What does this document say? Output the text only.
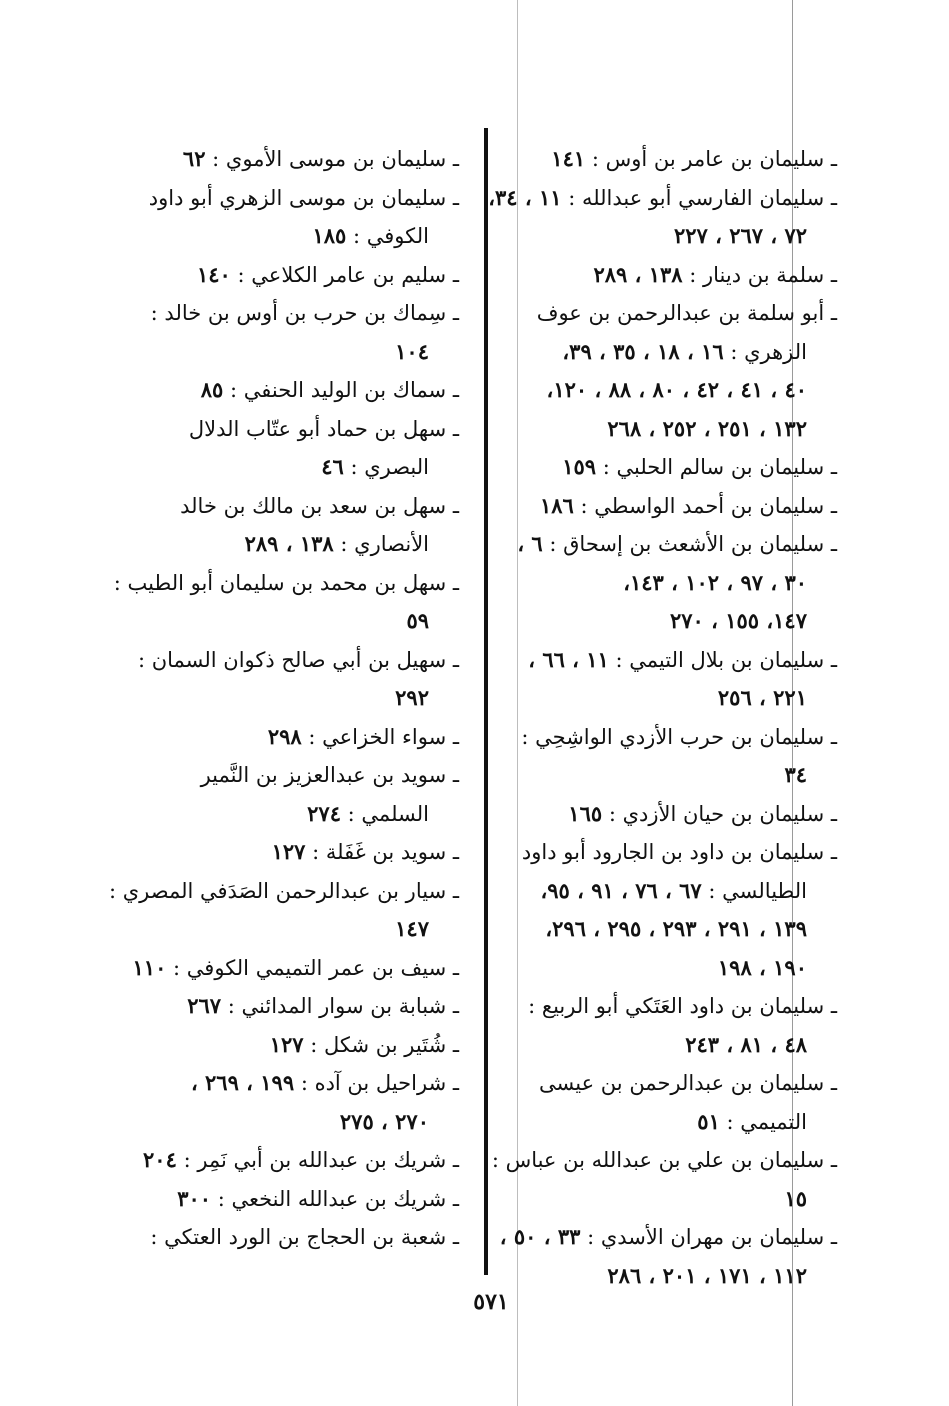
ـ سليمان بن عامر بن أوس : ١٤١

ـ سليمان الفارسي أبو عبدالله : ١١ ، ٣٤،

٧٢ ، ٢٦٧ ، ٢٢٧

ـ سلمة بن دينار : ١٣٨ ، ٢٨٩

ـ أبو سلمة بن عبدالرحمن بن عوف

الزهري : ١٦ ، ١٨ ، ٣٥ ، ٣٩،

٤٠ ، ٤١ ، ٤٢ ، ٨٠ ، ٨٨ ، ١٢٠،

١٣٢ ، ٢٥١ ، ٢٥٢ ، ٢٦٨

ـ سليمان بن سالم الحلبي : ١٥٩

ـ سليمان بن أحمد الواسطي : ١٨٦

ـ سليمان بن الأشعث بن إسحاق : ٦ ،

٣٠ ، ٩٧ ، ١٠٢ ، ١٤٣،

١٤٧، ١٥٥ ، ٢٧٠

ـ سليمان بن بلال التيمي : ١١ ، ٦٦ ،

٢٢١ ، ٢٥٦

ـ سليمان بن حرب الأزدي الواشِحِي :

٣٤

ـ سليمان بن حيان الأزدي : ١٦٥

ـ سليمان بن داود بن الجارود أبو داود

الطيالسي : ٦٧ ، ٧٦ ، ٩١ ، ٩٥،

١٣٩ ، ٢٩١ ، ٢٩٣ ، ٢٩٥ ، ٢٩٦،

١٩٠ ، ١٩٨

ـ سليمان بن داود العَتَكي أبو الربيع :

٤٨ ، ٨١ ، ٢٤٣

ـ سليمان بن عبدالرحمن بن عيسى

التميمي : ٥١

ـ سليمان بن علي بن عبدالله بن عباس :

١٥

ـ سليمان بن مهران الأسدي : ٣٣ ، ٥٠ ،

١١٢ ، ١٧١ ، ٢٠١ ، ٢٨٦

ـ سليمان بن موسى الأموي : ٦٢

ـ سليمان بن موسى الزهري أبو داود

الكوفي : ١٨٥

ـ سليم بن عامر الكلاعي : ١٤٠

ـ سِماك بن حرب بن أوس بن خالد :

١٠٤

ـ سماك بن الوليد الحنفي : ٨٥

ـ سهل بن حماد أبو عتّاب الدلال

البصري : ٤٦

ـ سهل بن سعد بن مالك بن خالد

الأنصاري : ١٣٨ ، ٢٨٩

ـ سهل بن محمد بن سليمان أبو الطيب :

٥٩

ـ سهيل بن أبي صالح ذكوان السمان :

٢٩٢

ـ سواء الخزاعي : ٢٩٨

ـ سويد بن عبدالعزيز بن النَّمير

السلمي : ٢٧٤

ـ سويد بن غَفَلة : ١٢٧

ـ سيار بن عبدالرحمن الصَدَفي المصري :

١٤٧

ـ سيف بن عمر التميمي الكوفي : ١١٠

ـ شبابة بن سوار المدائني : ٢٦٧

ـ شُتَير بن شكل : ١٢٧

ـ شراحيل بن آده : ١٩٩ ، ٢٦٩ ،

٢٧٠ ، ٢٧٥

ـ شريك بن عبدالله بن أبي نَمِر : ٢٠٤

ـ شريك بن عبدالله النخعي : ٣٠٠

ـ شعبة بن الحجاج بن الورد العتكي :

٥٧١
